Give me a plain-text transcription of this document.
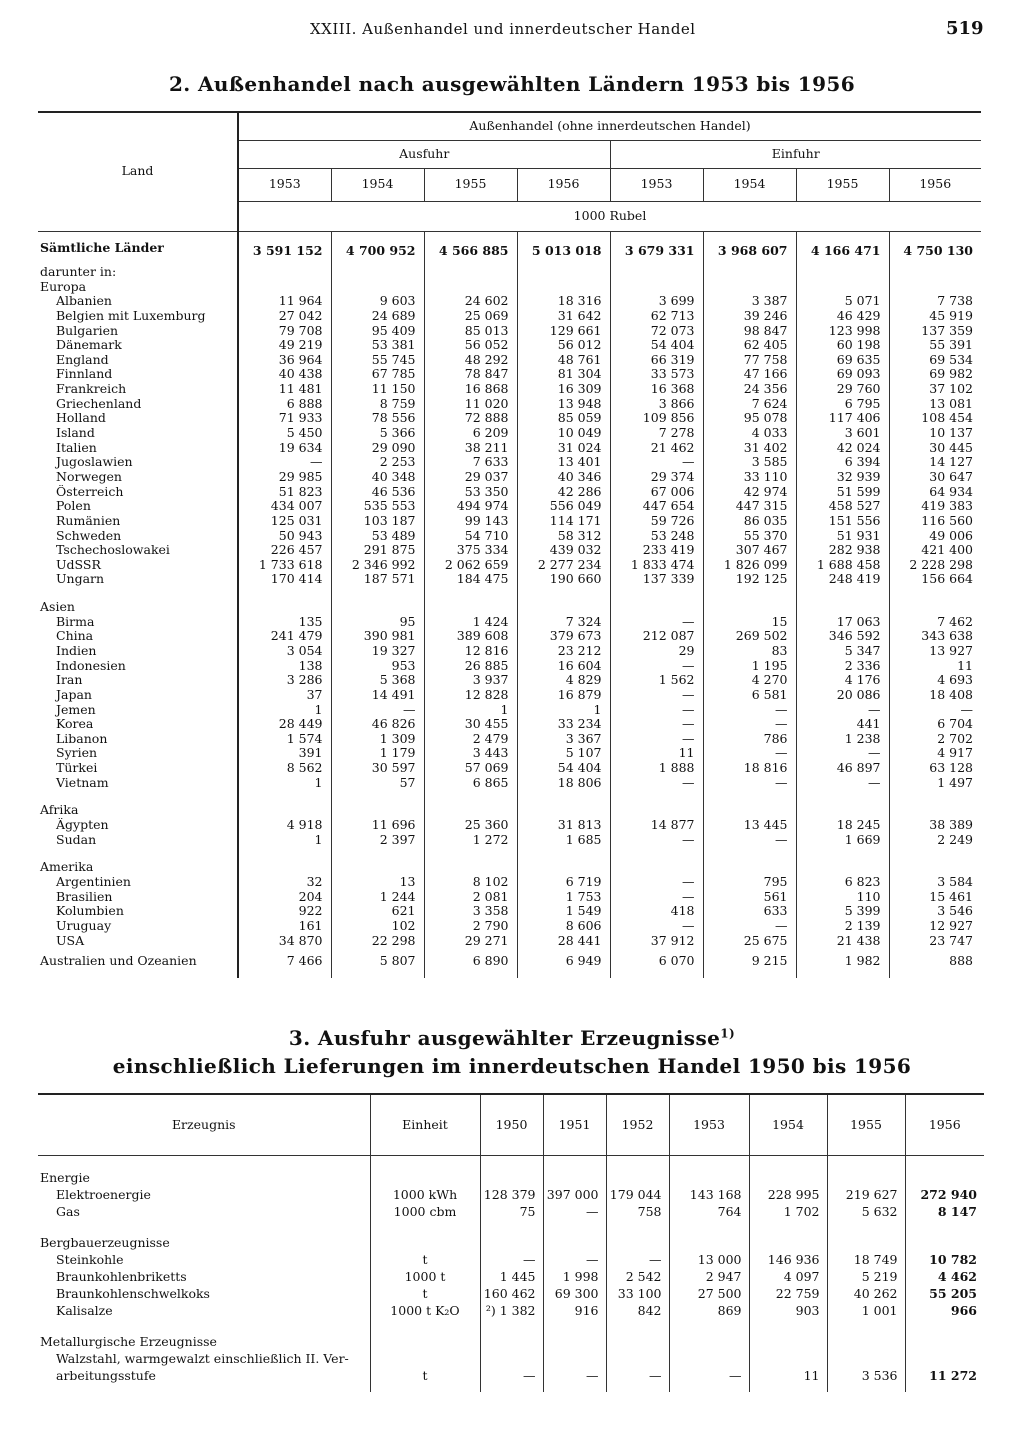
XXIII. Außenhandel und innerdeutscher Handel	519
2. Außenhandel nach ausgewählten Ländern 1953 bis 1956
Land	Außenhandel (ohne innerdeutschen Handel)							
	Ausfuhr				Einfuhr			
	1953	1954	1955	1956	1953	1954	1955	1956
	1000 Rubel							
Sämtliche Länder	3 591 152	4 700 952	4 566 885	5 013 018	3 679 331	3 968 607	4 166 471	4 750 130
darunter in:								
Europa								
Albanien	11 964	9 603	24 602	18 316	3 699	3 387	5 071	7 738
Belgien mit Luxemburg	27 042	24 689	25 069	31 642	62 713	39 246	46 429	45 919
Bulgarien	79 708	95 409	85 013	129 661	72 073	98 847	123 998	137 359
Dänemark	49 219	53 381	56 052	56 012	54 404	62 405	60 198	55 391
England	36 964	55 745	48 292	48 761	66 319	77 758	69 635	69 534
Finnland	40 438	67 785	78 847	81 304	33 573	47 166	69 093	69 982
Frankreich	11 481	11 150	16 868	16 309	16 368	24 356	29 760	37 102
Griechenland	6 888	8 759	11 020	13 948	3 866	7 624	6 795	13 081
Holland	71 933	78 556	72 888	85 059	109 856	95 078	117 406	108 454
Island	5 450	5 366	6 209	10 049	7 278	4 033	3 601	10 137
Italien	19 634	29 090	38 211	31 024	21 462	31 402	42 024	30 445
Jugoslawien	—	2 253	7 633	13 401	—	3 585	6 394	14 127
Norwegen	29 985	40 348	29 037	40 346	29 374	33 110	32 939	30 647
Österreich	51 823	46 536	53 350	42 286	67 006	42 974	51 599	64 934
Polen	434 007	535 553	494 974	556 049	447 654	447 315	458 527	419 383
Rumänien	125 031	103 187	99 143	114 171	59 726	86 035	151 556	116 560
Schweden	50 943	53 489	54 710	58 312	53 248	55 370	51 931	49 006
Tschechoslowakei	226 457	291 875	375 334	439 032	233 419	307 467	282 938	421 400
UdSSR	1 733 618	2 346 992	2 062 659	2 277 234	1 833 474	1 826 099	1 688 458	2 228 298
Ungarn	170 414	187 571	184 475	190 660	137 339	192 125	248 419	156 664

Asien								
Birma	135	95	1 424	7 324	—	15	17 063	7 462
China	241 479	390 981	389 608	379 673	212 087	269 502	346 592	343 638
Indien	3 054	19 327	12 816	23 212	29	83	5 347	13 927
Indonesien	138	953	26 885	16 604	—	1 195	2 336	11
Iran	3 286	5 368	3 937	4 829	1 562	4 270	4 176	4 693
Japan	37	14 491	12 828	16 879	—	6 581	20 086	18 408
Jemen	1	—	1	1	—	—	—	—
Korea	28 449	46 826	30 455	33 234	—	—	441	6 704
Libanon	1 574	1 309	2 479	3 367	—	786	1 238	2 702
Syrien	391	1 179	3 443	5 107	11	—	—	4 917
Türkei	8 562	30 597	57 069	54 404	1 888	18 816	46 897	63 128
Vietnam	1	57	6 865	18 806	—	—	—	1 497

Afrika								
Ägypten	4 918	11 696	25 360	31 813	14 877	13 445	18 245	38 389
Sudan	1	2 397	1 272	1 685	—	—	1 669	2 249

Amerika								
Argentinien	32	13	8 102	6 719	—	795	6 823	3 584
Brasilien	204	1 244	2 081	1 753	—	561	110	15 461
Kolumbien	922	621	3 358	1 549	418	633	5 399	3 546
Uruguay	161	102	2 790	8 606	—	—	2 139	12 927
USA	34 870	22 298	29 271	28 441	37 912	25 675	21 438	23 747

Australien und Ozeanien	7 466	5 807	6 890	6 949	6 070	9 215	1 982	888

3. Ausfuhr ausgewählter Erzeugnisse$^{1)}$
einschließlich Lieferungen im innerdeutschen Handel 1950 bis 1956
Erzeugnis	Einheit	1950	1951	1952	1953	1954	1955	1956

Energie								
Elektroenergie	1000 kWh	128 379	397 000	179 044	143 168	228 995	219 627	272 940
Gas	1000 cbm	75	—	758	764	1 702	5 632	8 147

Bergbauerzeugnisse								
Steinkohle	t	—	—	—	13 000	146 936	18 749	10 782
Braunkohlenbriketts	1000 t	1 445	1 998	2 542	2 947	4 097	5 219	4 462
Braunkohlenschwelkoks	t	160 462	69 300	33 100	27 500	22 759	40 262	55 205
Kalisalze	1000 t K₂O	²) 1 382	916	842	869	903	1 001	966

Metallurgische Erzeugnisse								
Walzstahl, warmgewalzt einschließlich II. Ver-								
arbeitungsstufe	t	—	—	—	—	11	3 536	11 272
